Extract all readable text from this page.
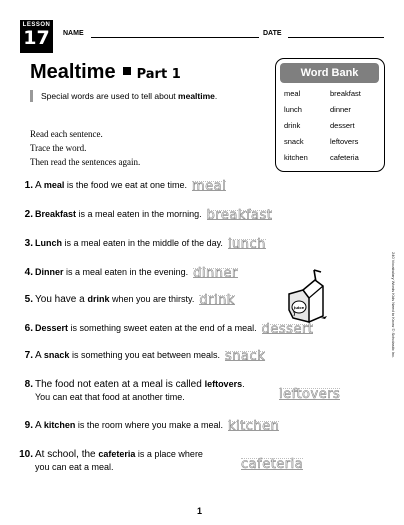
LESSON
17	NAME	DATE
Mealtime Part 1
Special words are used to tell about mealtime.
Read each sentence.
Trace the word.
Then read the sentences again.
Word Bank
meal	breakfast
lunch	dinner
drink	dessert
snack	leftovers
kitchen	cafeteria
1. A meal is the food we eat at one time. meal
2. Breakfast is a meal eaten in the morning. breakfast
3. Lunch is a meal eaten in the middle of the day. lunch
4. Dinner is a meal eaten in the evening. dinner
5. You have a drink when you are thirsty. drink
6. Dessert is something sweet eaten at the end of a meal. dessert
7. A snack is something you eat between meals. snack
8. The food not eaten at a meal is called leftovers.
You can eat that food at another time.	leftovers
9. A kitchen is the room where you make a meal. kitchen
10. At school, the cafeteria is a place where
you can eat a meal.	cafeteria
Juice	240 Vocabulary Words Kids Need to Know © Scholastic Inc.
1
